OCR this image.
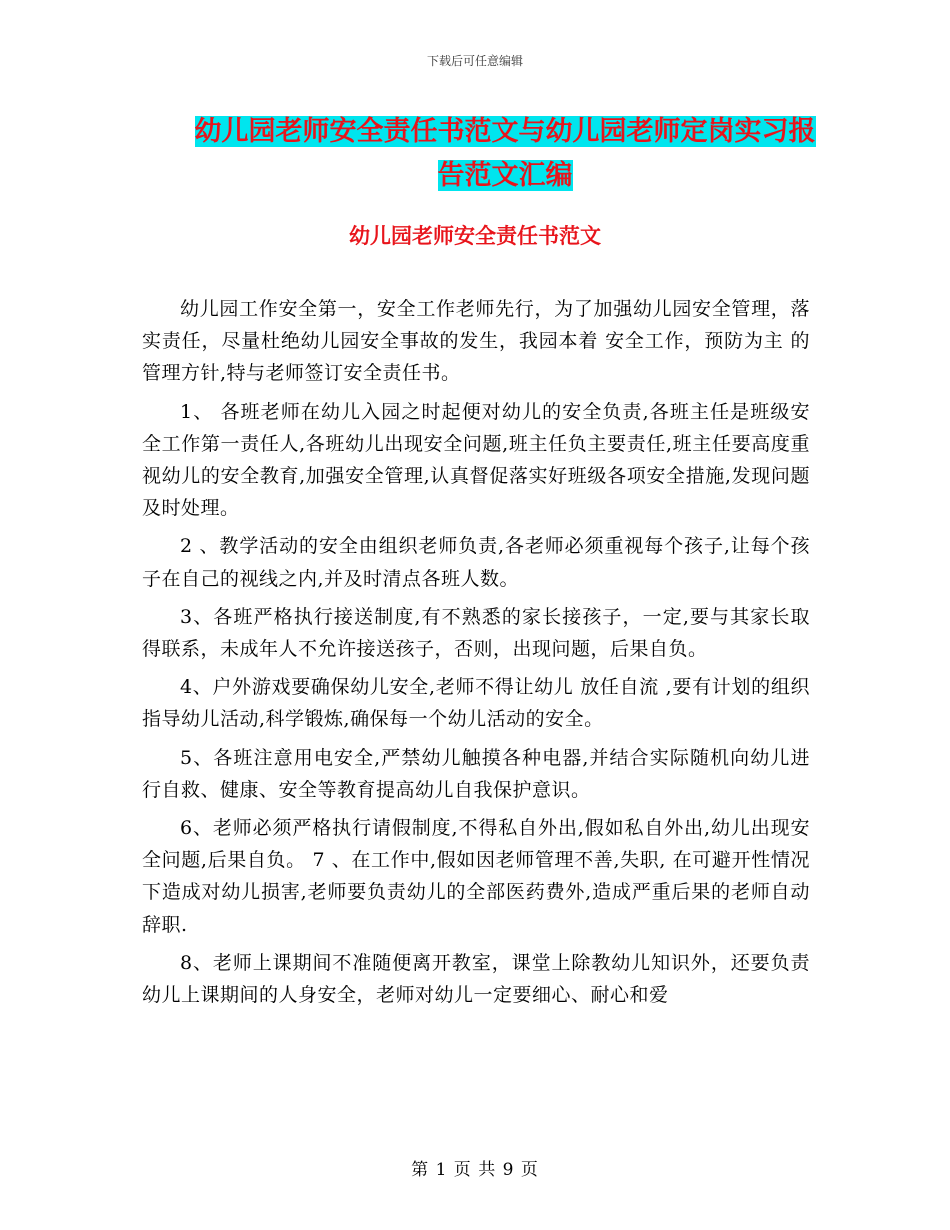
下载后可任意编辑
幼儿园老师安全责任书范文与幼儿园老师定岗实习报告范文汇编
幼儿园老师安全责任书范文

幼儿园工作安全第一，安全工作老师先行，为了加强幼儿园安全管理，落实责任，尽量杜绝幼儿园安全事故的发生，我园本着 安全工作，预防为主 的管理方针,特与老师签订安全责任书。

1、 各班老师在幼儿入园之时起便对幼儿的安全负责,各班主任是班级安全工作第一责任人,各班幼儿出现安全问题,班主任负主要责任,班主任要高度重视幼儿的安全教育,加强安全管理,认真督促落实好班级各项安全措施,发现问题及时处理。

2 、教学活动的安全由组织老师负责,各老师必须重视每个孩子,让每个孩子在自己的视线之内,并及时清点各班人数。

3、各班严格执行接送制度,有不熟悉的家长接孩子，一定,要与其家长取得联系，未成年人不允许接送孩子，否则，出现问题，后果自负。

4、户外游戏要确保幼儿安全,老师不得让幼儿 放任自流 ,要有计划的组织指导幼儿活动,科学锻炼,确保每一个幼儿活动的安全。

5、各班注意用电安全,严禁幼儿触摸各种电器,并结合实际随机向幼儿进行自救、健康、安全等教育提高幼儿自我保护意识。

6、老师必须严格执行请假制度,不得私自外出,假如私自外出,幼儿出现安全问题,后果自负。 7 、在工作中,假如因老师管理不善,失职, 在可避开性情况下造成对幼儿损害,老师要负责幼儿的全部医药费外,造成严重后果的老师自动辞职.

8、老师上课期间不准随便离开教室，课堂上除教幼儿知识外，还要负责幼儿上课期间的人身安全，老师对幼儿一定要细心、耐心和爱

第 1 页 共 9 页
